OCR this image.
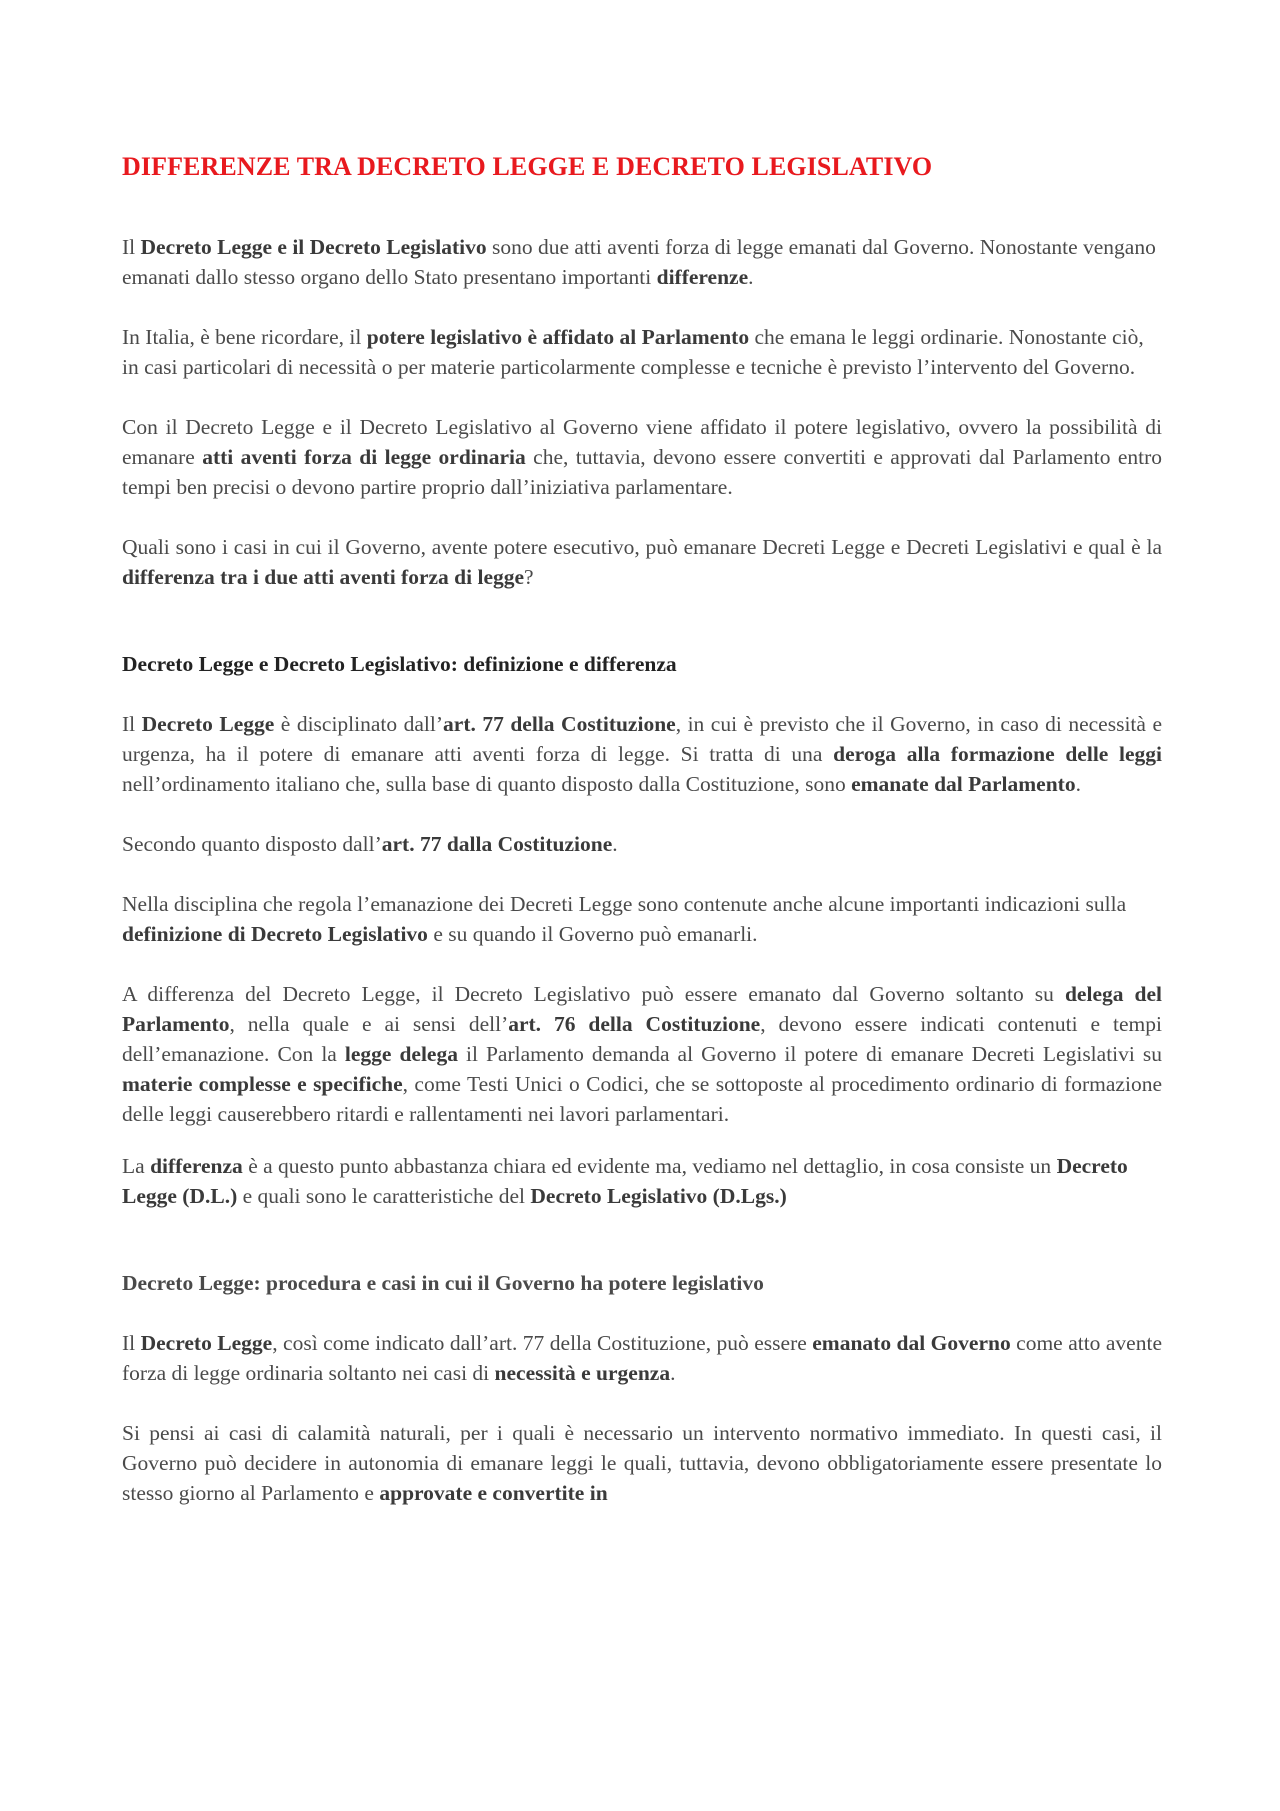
DIFFERENZE TRA DECRETO LEGGE E DECRETO LEGISLATIVO

Il Decreto Legge e il Decreto Legislativo sono due atti aventi forza di legge emanati dal Governo. Nonostante vengano emanati dallo stesso organo dello Stato presentano importanti differenze.

In Italia, è bene ricordare, il potere legislativo è affidato al Parlamento che emana le leggi ordinarie. Nonostante ciò, in casi particolari di necessità o per materie particolarmente complesse e tecniche è previsto l’intervento del Governo.

Con il Decreto Legge e il Decreto Legislativo al Governo viene affidato il potere legislativo, ovvero la possibilità di emanare atti aventi forza di legge ordinaria che, tuttavia, devono essere convertiti e approvati dal Parlamento entro tempi ben precisi o devono partire proprio dall’iniziativa parlamentare.

Quali sono i casi in cui il Governo, avente potere esecutivo, può emanare Decreti Legge e Decreti Legislativi e qual è la differenza tra i due atti aventi forza di legge?

Decreto Legge e Decreto Legislativo: definizione e differenza

Il Decreto Legge è disciplinato dall’art. 77 della Costituzione, in cui è previsto che il Governo, in caso di necessità e urgenza, ha il potere di emanare atti aventi forza di legge. Si tratta di una deroga alla formazione delle leggi nell’ordinamento italiano che, sulla base di quanto disposto dalla Costituzione, sono emanate dal Parlamento.

Secondo quanto disposto dall’art. 77 dalla Costituzione.

Nella disciplina che regola l’emanazione dei Decreti Legge sono contenute anche alcune importanti indicazioni sulla definizione di Decreto Legislativo e su quando il Governo può emanarli.

A differenza del Decreto Legge, il Decreto Legislativo può essere emanato dal Governo soltanto su delega del Parlamento, nella quale e ai sensi dell’art. 76 della Costituzione, devono essere indicati contenuti e tempi dell’emanazione. Con la legge delega il Parlamento demanda al Governo il potere di emanare Decreti Legislativi su materie complesse e specifiche, come Testi Unici o Codici, che se sottoposte al procedimento ordinario di formazione delle leggi causerebbero ritardi e rallentamenti nei lavori parlamentari.

La differenza è a questo punto abbastanza chiara ed evidente ma, vediamo nel dettaglio, in cosa consiste un Decreto Legge (D.L.) e quali sono le caratteristiche del Decreto Legislativo (D.Lgs.)

Decreto Legge: procedura e casi in cui il Governo ha potere legislativo

Il Decreto Legge, così come indicato dall’art. 77 della Costituzione, può essere emanato dal Governo come atto avente forza di legge ordinaria soltanto nei casi di necessità e urgenza.

Si pensi ai casi di calamità naturali, per i quali è necessario un intervento normativo immediato. In questi casi, il Governo può decidere in autonomia di emanare leggi le quali, tuttavia, devono obbligatoriamente essere presentate lo stesso giorno al Parlamento e approvate e convertite in
